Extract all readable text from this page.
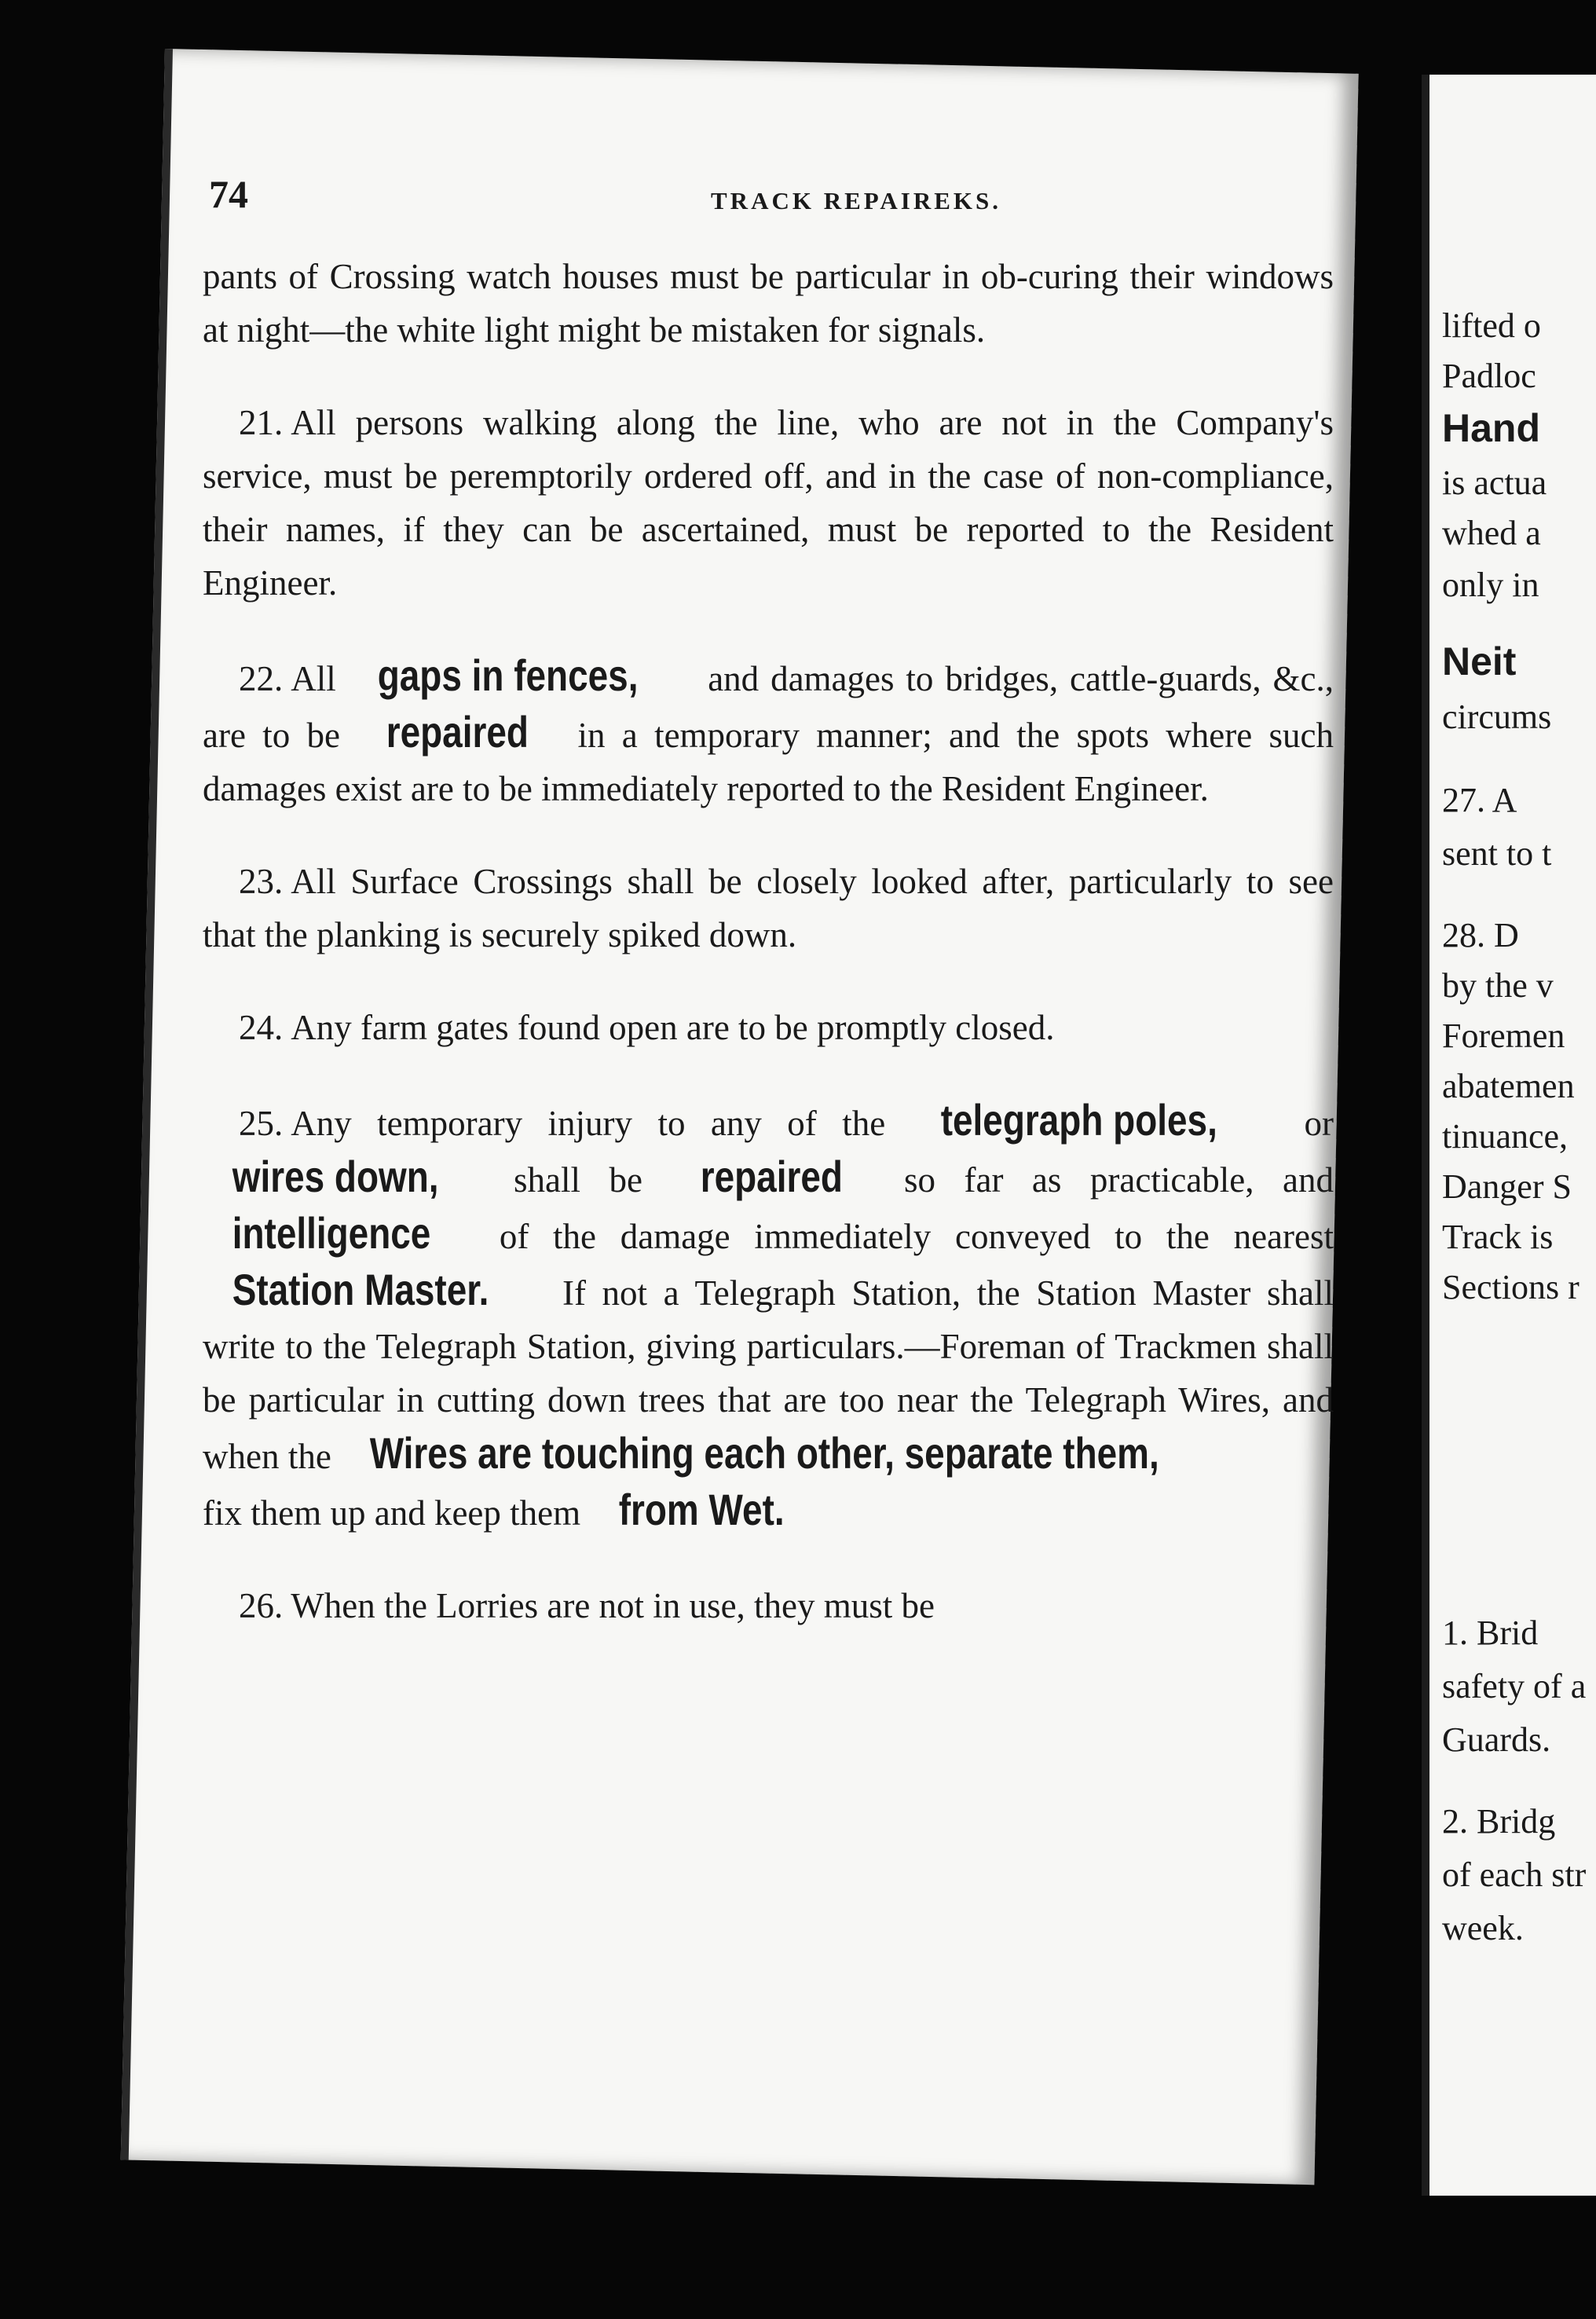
74	TRACK REPAIREKS.

pants of Crossing watch houses must be particular in ob-curing their windows at night—the white light might be mistaken for signals.

21. All persons walking along the line, who are not in the Company's service, must be peremptorily ordered off, and in the case of non-compliance, their names, if they can be ascertained, must be reported to the Resident Engineer.

22. All gaps in fences, and damages to bridges, cattle-guards, &c., are to be repaired in a temporary manner; and the spots where such damages exist are to be immediately reported to the Resident Engineer.

23. All Surface Crossings shall be closely looked after, particularly to see that the planking is securely spiked down.

24. Any farm gates found open are to be promptly closed.

25. Any temporary injury to any of the telegraph poles, or wires down, shall be repaired so far as practicable, and intelligence of the damage immediately conveyed to the nearest Station Master. If not a Telegraph Station, the Station Master shall write to the Telegraph Station, giving particulars.—Foreman of Trackmen shall be particular in cutting down trees that are too near the Telegraph Wires, and when the Wires are touching each other, separate them, fix them up and keep them from Wet.

26. When the Lorries are not in use, they must be

lifted o
Padloc
Hand
is actua
whed a
only in
Neit
circums
27. A
sent to t
28. D
by the v
Foremen
abatemen
tinuance,
Danger S
Track is
Sections r
1. Brid
safety of a
Guards.
2. Bridg
of each str
week.
